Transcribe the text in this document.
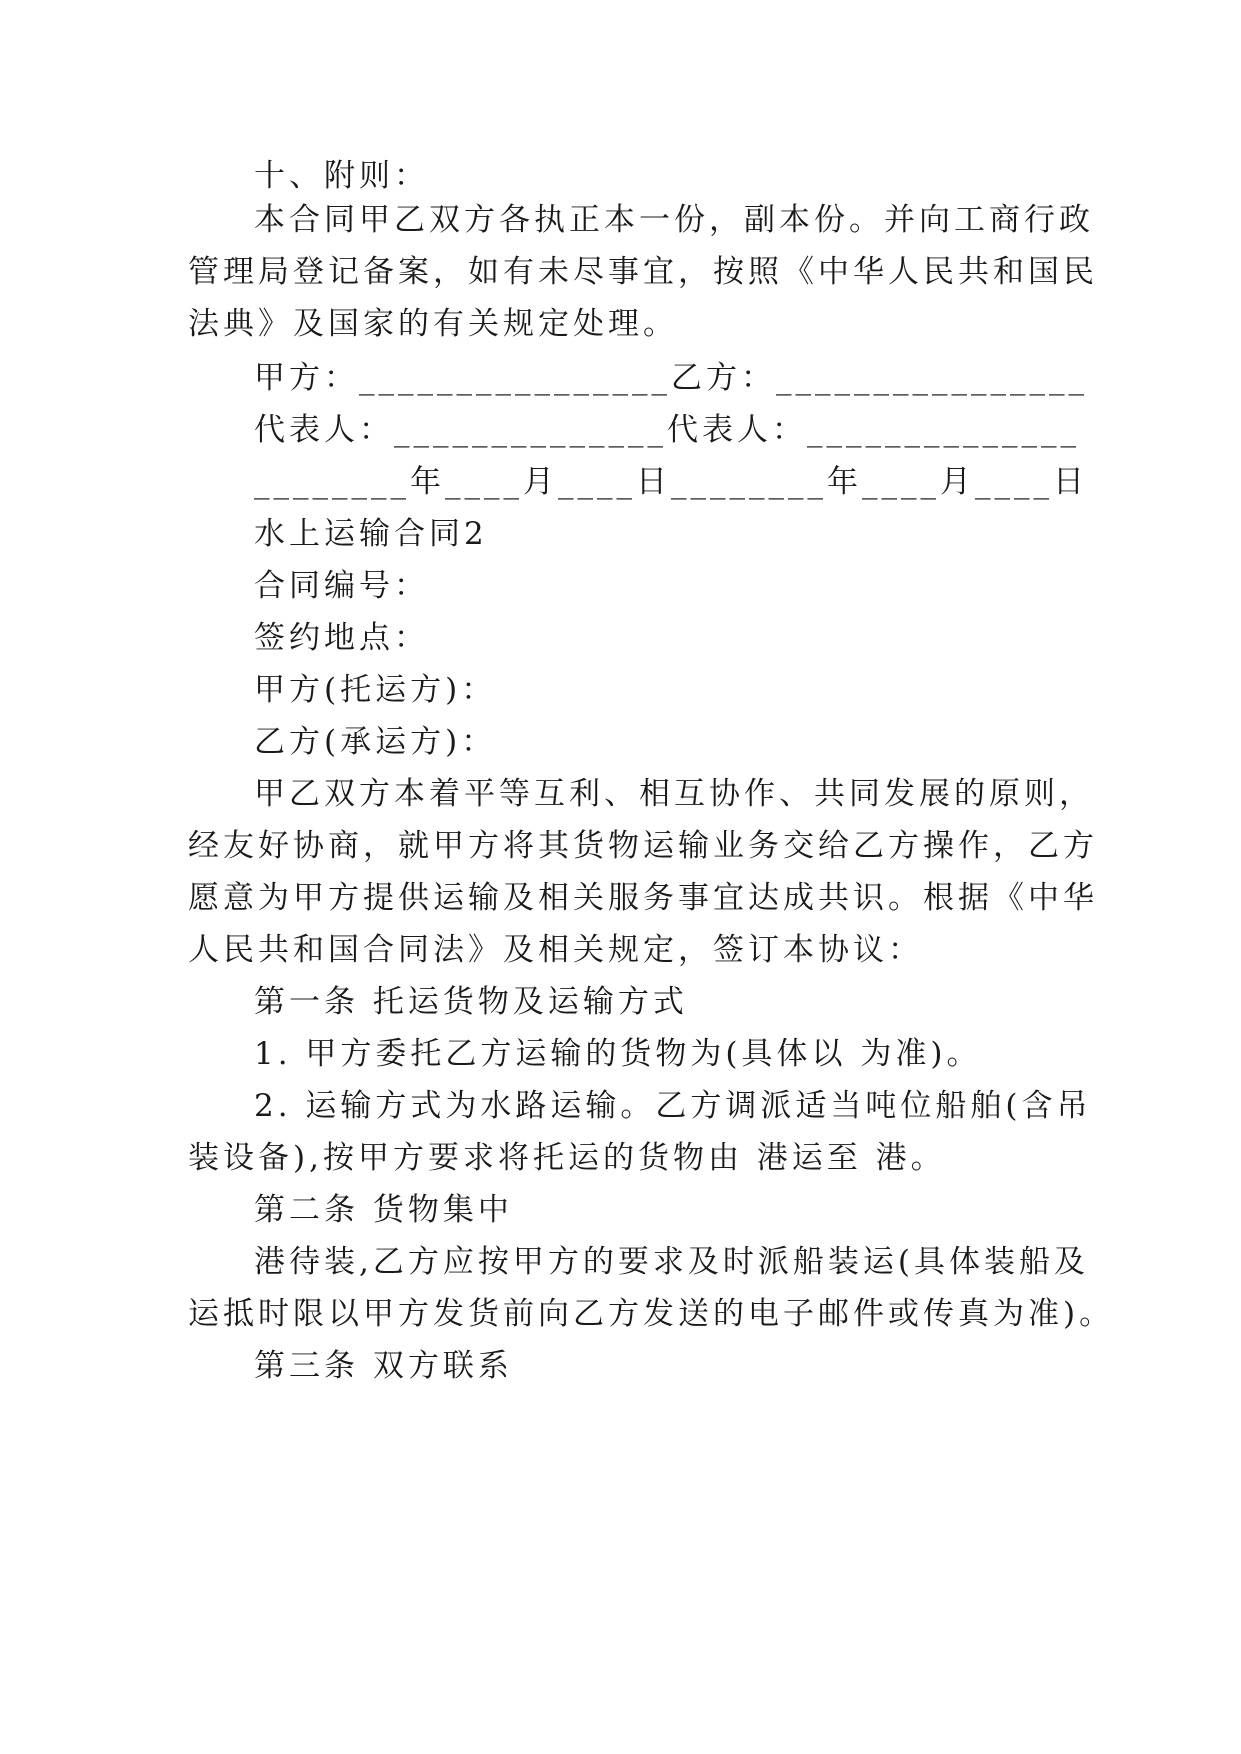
十、附则：
本合同甲乙双方各执正本一份，副本份。并向工商行政
管理局登记备案，如有未尽事宜，按照《中华人民共和国民
法典》及国家的有关规定处理。
甲方：________________乙方：________________
代表人：______________代表人：______________
________年____月____日________年____月____日
水上运输合同2
合同编号：
签约地点：
甲方(托运方)：
乙方(承运方)：
甲乙双方本着平等互利、相互协作、共同发展的原则，
经友好协商，就甲方将其货物运输业务交给乙方操作，乙方
愿意为甲方提供运输及相关服务事宜达成共识。根据《中华
人民共和国合同法》及相关规定，签订本协议：
第一条 托运货物及运输方式
1. 甲方委托乙方运输的货物为(具体以 为准)。
2. 运输方式为水路运输。乙方调派适当吨位船舶(含吊
装设备),按甲方要求将托运的货物由 港运至 港。
第二条 货物集中
港待装,乙方应按甲方的要求及时派船装运(具体装船及
运抵时限以甲方发货前向乙方发送的电子邮件或传真为准)。
第三条 双方联系
